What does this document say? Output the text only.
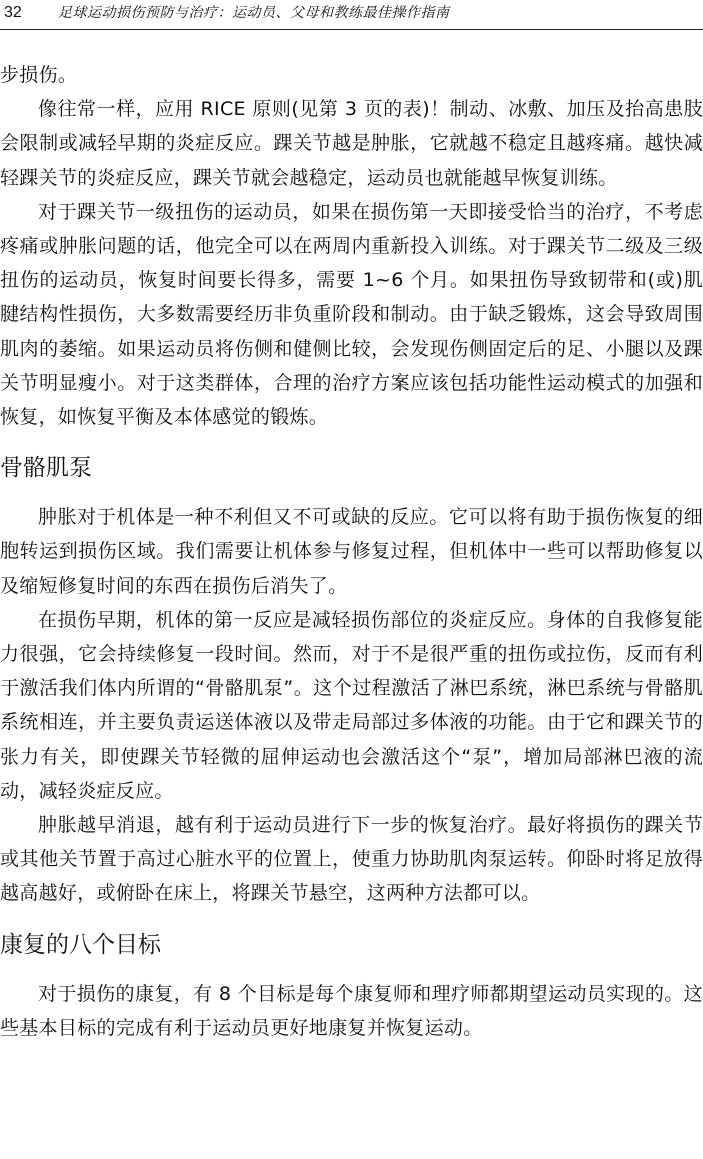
32	足球运动损伤预防与治疗：运动员、父母和教练最佳操作指南

步损伤。

像往常一样，应用 RICE 原则(见第 3 页的表)！制动、冰敷、加压及抬高患肢会限制或减轻早期的炎症反应。踝关节越是肿胀，它就越不稳定且越疼痛。越快减轻踝关节的炎症反应，踝关节就会越稳定，运动员也就能越早恢复训练。

对于踝关节一级扭伤的运动员，如果在损伤第一天即接受恰当的治疗，不考虑疼痛或肿胀问题的话，他完全可以在两周内重新投入训练。对于踝关节二级及三级扭伤的运动员，恢复时间要长得多，需要 1~6 个月。如果扭伤导致韧带和(或)肌腱结构性损伤，大多数需要经历非负重阶段和制动。由于缺乏锻炼，这会导致周围肌肉的萎缩。如果运动员将伤侧和健侧比较，会发现伤侧固定后的足、小腿以及踝关节明显瘦小。对于这类群体，合理的治疗方案应该包括功能性运动模式的加强和恢复，如恢复平衡及本体感觉的锻炼。

骨骼肌泵

肿胀对于机体是一种不利但又不可或缺的反应。它可以将有助于损伤恢复的细胞转运到损伤区域。我们需要让机体参与修复过程，但机体中一些可以帮助修复以及缩短修复时间的东西在损伤后消失了。

在损伤早期，机体的第一反应是减轻损伤部位的炎症反应。身体的自我修复能力很强，它会持续修复一段时间。然而，对于不是很严重的扭伤或拉伤，反而有利于激活我们体内所谓的“骨骼肌泵”。这个过程激活了淋巴系统，淋巴系统与骨骼肌系统相连，并主要负责运送体液以及带走局部过多体液的功能。由于它和踝关节的张力有关，即使踝关节轻微的屈伸运动也会激活这个“泵”，增加局部淋巴液的流动，减轻炎症反应。

肿胀越早消退，越有利于运动员进行下一步的恢复治疗。最好将损伤的踝关节或其他关节置于高过心脏水平的位置上，使重力协助肌肉泵运转。仰卧时将足放得越高越好，或俯卧在床上，将踝关节悬空，这两种方法都可以。

康复的八个目标

对于损伤的康复，有 8 个目标是每个康复师和理疗师都期望运动员实现的。这些基本目标的完成有利于运动员更好地康复并恢复运动。
